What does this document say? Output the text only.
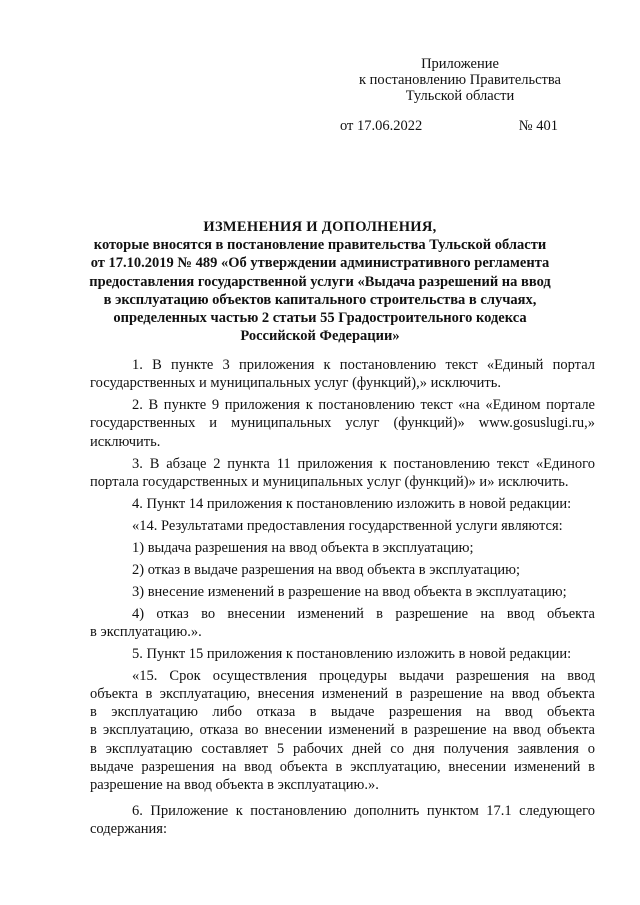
Приложение
к постановлению Правительства
Тульской области
от 17.06.2022	№ 401
ИЗМЕНЕНИЯ И ДОПОЛНЕНИЯ,
которые вносятся в постановление правительства Тульской области
от 17.10.2019 № 489 «Об утверждении административного регламента
предоставления государственной услуги «Выдача разрешений на ввод
в эксплуатацию объектов капитального строительства в случаях,
определенных частью 2 статьи 55 Градостроительного кодекса
Российской Федерации»
1. В пункте 3 приложения к постановлению текст «Единый портал
государственных и муниципальных услуг (функций),» исключить.
2. В пункте 9 приложения к постановлению текст «на «Едином портале
государственных и муниципальных услуг (функций)» www.gosuslugi.ru,»
исключить.
3. В абзаце 2 пункта 11 приложения к постановлению текст «Единого
портала государственных и муниципальных услуг (функций)» и» исключить.
4. Пункт 14 приложения к постановлению изложить в новой редакции:
«14. Результатами предоставления государственной услуги являются:
1) выдача разрешения на ввод объекта в эксплуатацию;
2) отказ в выдаче разрешения на ввод объекта в эксплуатацию;
3) внесение изменений в разрешение на ввод объекта в эксплуатацию;
4) отказ во внесении изменений в разрешение на ввод объекта
в эксплуатацию.».
5. Пункт 15 приложения к постановлению изложить в новой редакции:
«15. Срок осуществления процедуры выдачи разрешения на ввод
объекта в эксплуатацию, внесения изменений в разрешение на ввод объекта
в эксплуатацию либо отказа в выдаче разрешения на ввод объекта
в эксплуатацию, отказа во внесении изменений в разрешение на ввод объекта
в эксплуатацию составляет 5 рабочих дней со дня получения заявления о
выдаче разрешения на ввод объекта в эксплуатацию, внесении изменений в
разрешение на ввод объекта в эксплуатацию.».
6. Приложение к постановлению дополнить пунктом 17.1 следующего
содержания:
